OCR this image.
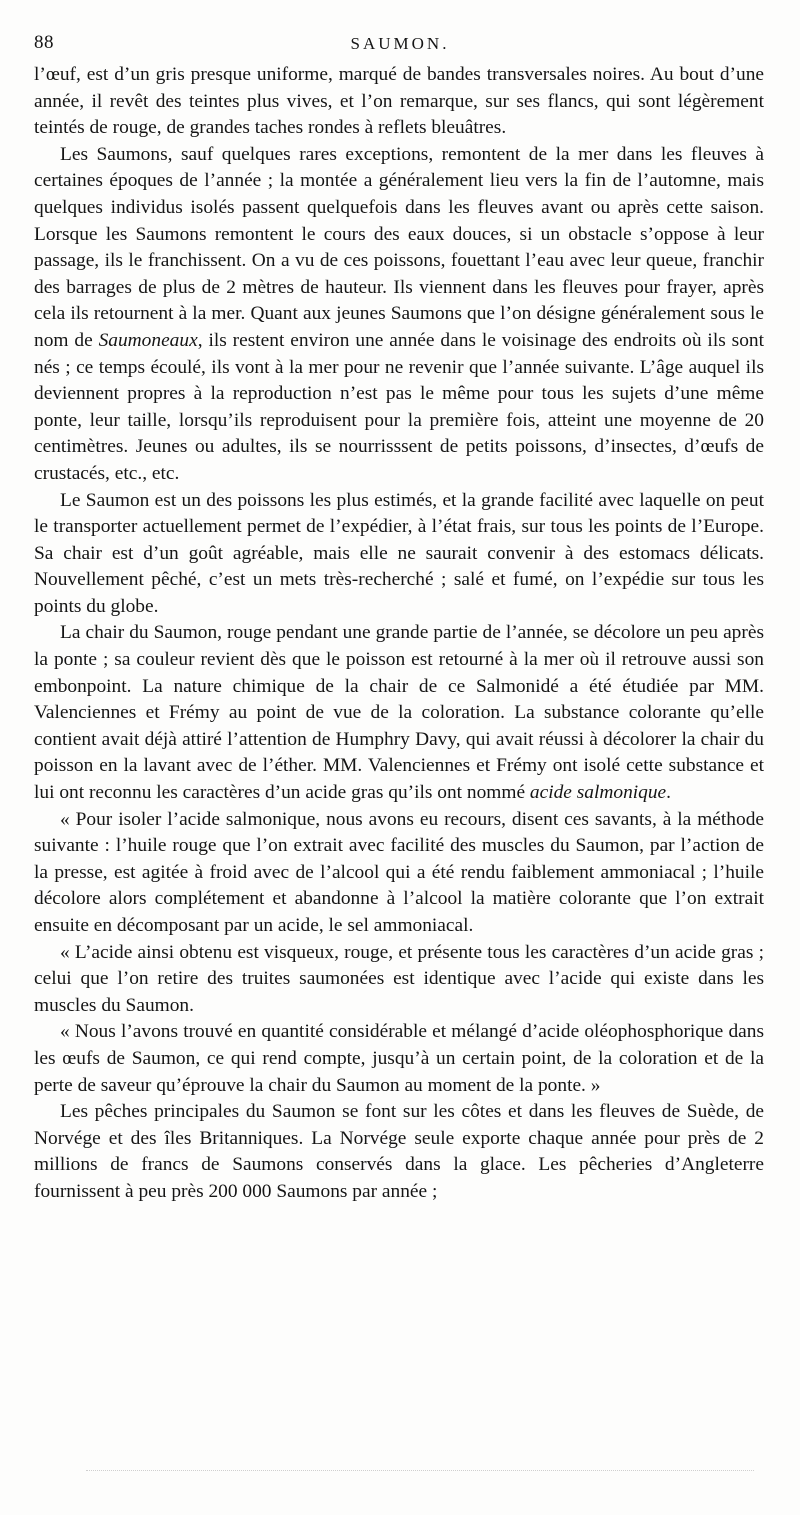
88	SAUMON.

l’œuf, est d’un gris presque uniforme, marqué de bandes transversales noires. Au bout d’une année, il revêt des teintes plus vives, et l’on remarque, sur ses flancs, qui sont légèrement teintés de rouge, de grandes taches rondes à reflets bleuâtres.

Les Saumons, sauf quelques rares exceptions, remontent de la mer dans les fleuves à certaines époques de l’année ; la montée a généralement lieu vers la fin de l’automne, mais quelques individus isolés passent quelquefois dans les fleuves avant ou après cette saison. Lorsque les Saumons remontent le cours des eaux douces, si un obstacle s’oppose à leur passage, ils le franchissent. On a vu de ces poissons, fouettant l’eau avec leur queue, franchir des barrages de plus de 2 mètres de hauteur. Ils viennent dans les fleuves pour frayer, après cela ils retournent à la mer. Quant aux jeunes Saumons que l’on désigne généralement sous le nom de Saumoneaux, ils restent environ une année dans le voisinage des endroits où ils sont nés ; ce temps écoulé, ils vont à la mer pour ne revenir que l’année suivante. L’âge auquel ils deviennent propres à la reproduction n’est pas le même pour tous les sujets d’une même ponte, leur taille, lorsqu’ils reproduisent pour la première fois, atteint une moyenne de 20 centimètres. Jeunes ou adultes, ils se nourrisssent de petits poissons, d’insectes, d’œufs de crustacés, etc., etc.

Le Saumon est un des poissons les plus estimés, et la grande facilité avec laquelle on peut le transporter actuellement permet de l’expédier, à l’état frais, sur tous les points de l’Europe. Sa chair est d’un goût agréable, mais elle ne saurait convenir à des estomacs délicats. Nouvellement pêché, c’est un mets très-recherché ; salé et fumé, on l’expédie sur tous les points du globe.

La chair du Saumon, rouge pendant une grande partie de l’année, se décolore un peu après la ponte ; sa couleur revient dès que le poisson est retourné à la mer où il retrouve aussi son embonpoint. La nature chimique de la chair de ce Salmonidé a été étudiée par MM. Valenciennes et Frémy au point de vue de la coloration. La substance colorante qu’elle contient avait déjà attiré l’attention de Humphry Davy, qui avait réussi à décolorer la chair du poisson en la lavant avec de l’éther. MM. Valenciennes et Frémy ont isolé cette substance et lui ont reconnu les caractères d’un acide gras qu’ils ont nommé acide salmonique.

« Pour isoler l’acide salmonique, nous avons eu recours, disent ces savants, à la méthode suivante : l’huile rouge que l’on extrait avec facilité des muscles du Saumon, par l’action de la presse, est agitée à froid avec de l’alcool qui a été rendu faiblement ammoniacal ; l’huile décolore alors complétement et abandonne à l’alcool la matière colorante que l’on extrait ensuite en décomposant par un acide, le sel ammoniacal.

« L’acide ainsi obtenu est visqueux, rouge, et présente tous les caractères d’un acide gras ; celui que l’on retire des truites saumonées est identique avec l’acide qui existe dans les muscles du Saumon.

« Nous l’avons trouvé en quantité considérable et mélangé d’acide oléophosphorique dans les œufs de Saumon, ce qui rend compte, jusqu’à un certain point, de la coloration et de la perte de saveur qu’éprouve la chair du Saumon au moment de la ponte. »

Les pêches principales du Saumon se font sur les côtes et dans les fleuves de Suède, de Norvége et des îles Britanniques. La Norvége seule exporte chaque année pour près de 2 millions de francs de Saumons conservés dans la glace. Les pêcheries d’Angleterre fournissent à peu près 200 000 Saumons par année ;
